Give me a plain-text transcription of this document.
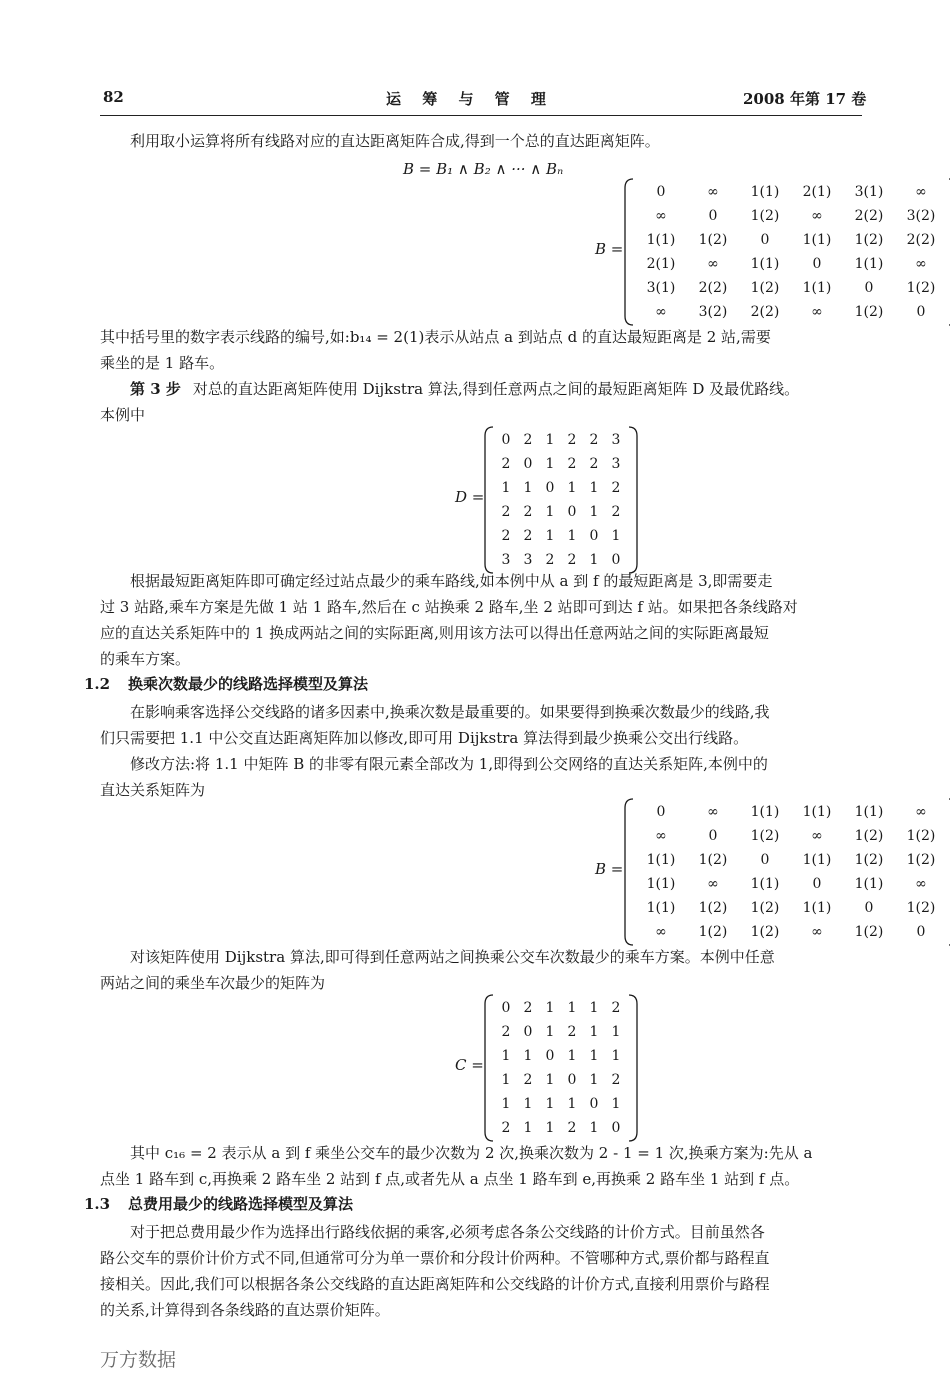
82	运 筹 与 管 理	2008 年第 17 卷
利用取小运算将所有线路对应的直达距离矩阵合成,得到一个总的直达距离矩阵。
B = B₁ ∧ B₂ ∧ ··· ∧ Bₙ
B =
0	∞	1(1)	2(1)	3(1)	∞
∞	0	1(2)	∞	2(2)	3(2)
1(1)	1(2)	0	1(1)	1(2)	2(2)
2(1)	∞	1(1)	0	1(1)	∞
3(1)	2(2)	1(2)	1(1)	0	1(2)
∞	3(2)	2(2)	∞	1(2)	0
其中括号里的数字表示线路的编号,如:b₁₄ = 2(1)表示从站点 a 到站点 d 的直达最短距离是 2 站,需要
乘坐的是 1 路车。
第 3 步 对总的直达距离矩阵使用 Dijkstra 算法,得到任意两点之间的最短距离矩阵 D 及最优路线。
本例中
D =
0 2 1 2 2 3
2 0 1 2 2 3
1 1 0 1 1 2
2 2 1 0 1 2
2 2 1 1 0 1
3 3 2 2 1 0
根据最短距离矩阵即可确定经过站点最少的乘车路线,如本例中从 a 到 f 的最短距离是 3,即需要走
过 3 站路,乘车方案是先做 1 站 1 路车,然后在 c 站换乘 2 路车,坐 2 站即可到达 f 站。如果把各条线路对
应的直达关系矩阵中的 1 换成两站之间的实际距离,则用该方法可以得出任意两站之间的实际距离最短
的乘车方案。
1.2 换乘次数最少的线路选择模型及算法
在影响乘客选择公交线路的诸多因素中,换乘次数是最重要的。如果要得到换乘次数最少的线路,我
们只需要把 1.1 中公交直达距离矩阵加以修改,即可用 Dijkstra 算法得到最少换乘公交出行线路。
修改方法:将 1.1 中矩阵 B 的非零有限元素全部改为 1,即得到公交网络的直达关系矩阵,本例中的
直达关系矩阵为
B =
0	∞	1(1)	1(1)	1(1)	∞
∞	0	1(2)	∞	1(2)	1(2)
1(1)	1(2)	0	1(1)	1(2)	1(2)
1(1)	∞	1(1)	0	1(1)	∞
1(1)	1(2)	1(2)	1(1)	0	1(2)
∞	1(2)	1(2)	∞	1(2)	0
对该矩阵使用 Dijkstra 算法,即可得到任意两站之间换乘公交车次数最少的乘车方案。本例中任意
两站之间的乘坐车次最少的矩阵为
C =
0 2 1 1 1 2
2 0 1 2 1 1
1 1 0 1 1 1
1 2 1 0 1 2
1 1 1 1 0 1
2 1 1 2 1 0
其中 c₁₆ = 2 表示从 a 到 f 乘坐公交车的最少次数为 2 次,换乘次数为 2 - 1 = 1 次,换乘方案为:先从 a
点坐 1 路车到 c,再换乘 2 路车坐 2 站到 f 点,或者先从 a 点坐 1 路车到 e,再换乘 2 路车坐 1 站到 f 点。
1.3 总费用最少的线路选择模型及算法
对于把总费用最少作为选择出行路线依据的乘客,必须考虑各条公交线路的计价方式。目前虽然各
路公交车的票价计价方式不同,但通常可分为单一票价和分段计价两种。不管哪种方式,票价都与路程直
接相关。因此,我们可以根据各条公交线路的直达距离矩阵和公交线路的计价方式,直接利用票价与路程
的关系,计算得到各条线路的直达票价矩阵。
万方数据
